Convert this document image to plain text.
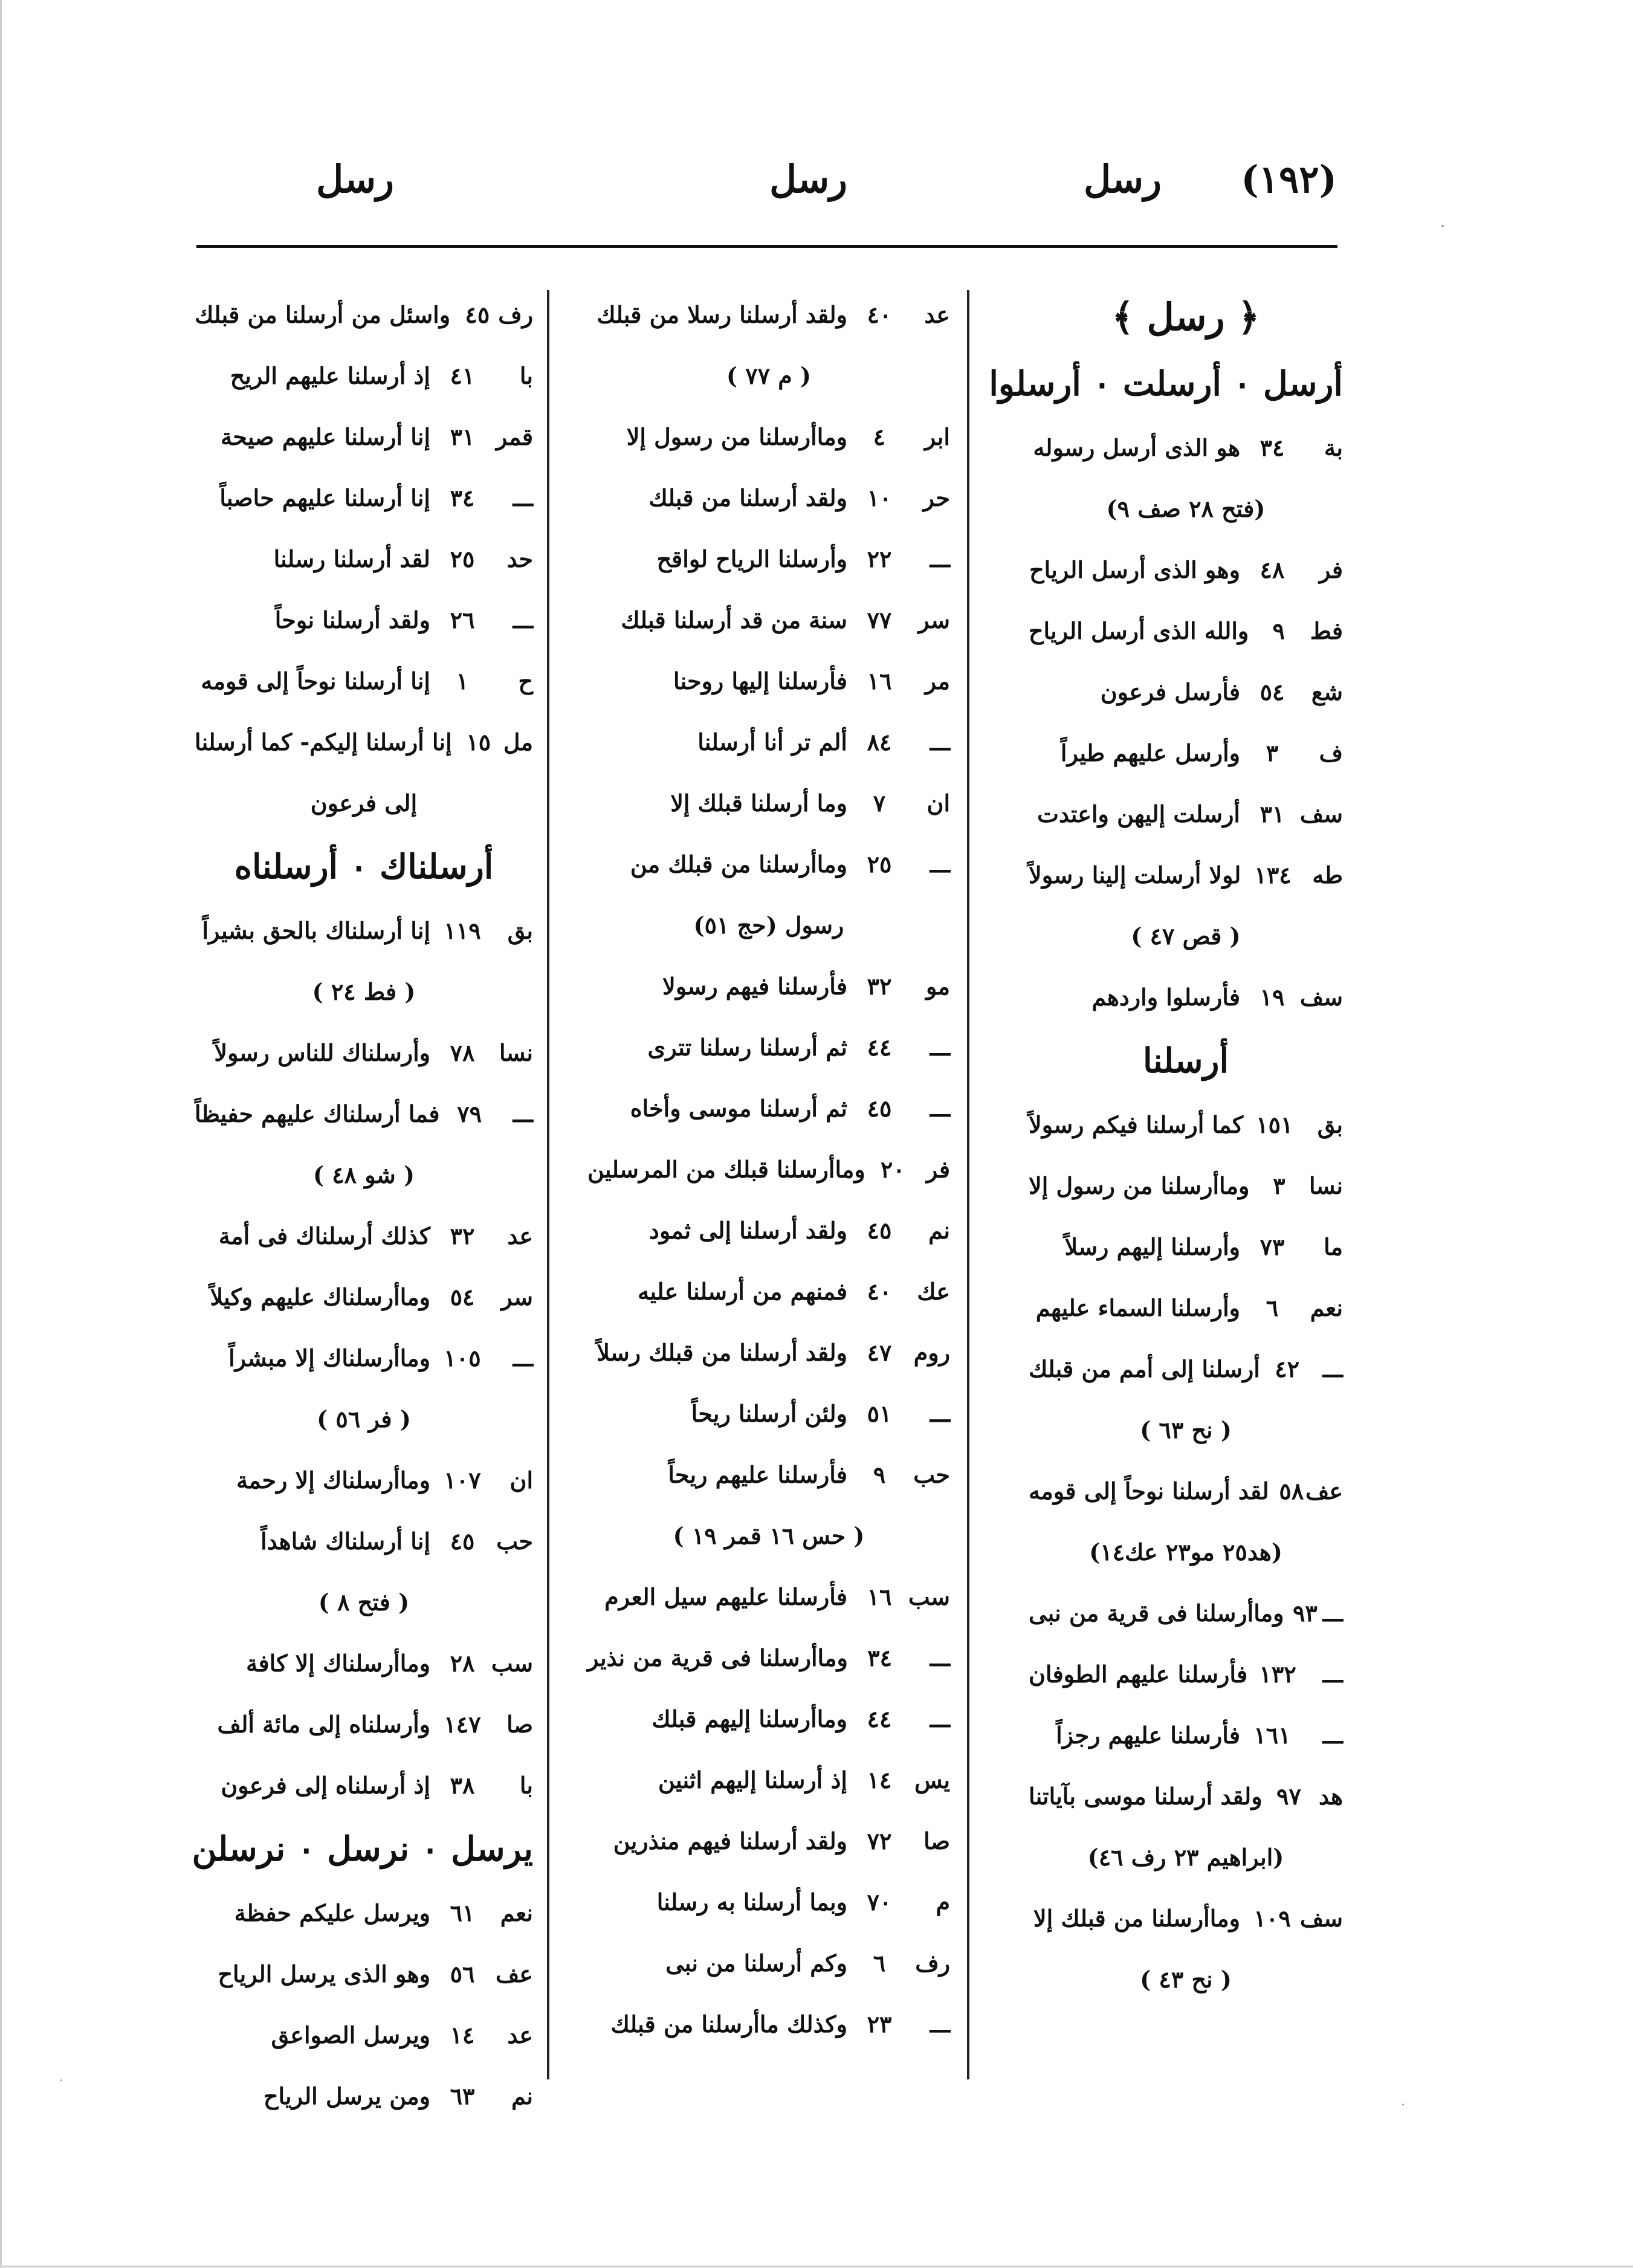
(١٩٢)
رسل
رسل
رسل
﴿ رسل ﴾
أرسل ٠ أرسلت ٠ أرسلوا
بة
٣٤
هو الذى أرسل رسوله
(فتح ٢٨ صف ٩)
فر
٤٨
وهو الذى أرسل الرياح
فط
٩
والله الذى أرسل الرياح
شع
٥٤
فأرسل فرعون
ف
٣
وأرسل عليهم طيراً
سف
٣١
أرسلت إليهن واعتدت
طه
١٣٤
لولا أرسلت إلينا رسولاً
( قص ٤٧ )
سف
١٩
فأرسلوا واردهم
أرسلنا
بق
١٥١
كما أرسلنا فيكم رسولاً
نسا
٣
وماأرسلنا من رسول إلا
ما
٧٣
وأرسلنا إليهم رسلاً
نعم
٦
وأرسلنا السماء عليهم
ـــ
٤٢
أرسلنا إلى أمم من قبلك
( نح ٦٣ )
عف
٥٨
لقد أرسلنا نوحاً إلى قومه
(هد٢٥ مو٢٣ عك١٤)
ـــ
٩٣
وماأرسلنا فى قرية من نبى
ـــ
١٣٢
فأرسلنا عليهم الطوفان
ـــ
١٦١
فأرسلنا عليهم رجزاً
هد
٩٧
ولقد أرسلنا موسى بآياتنا
(ابراهيم ٢٣ رف ٤٦)
سف
١٠٩
وماأرسلنا من قبلك إلا
( نح ٤٣ )
عد
٤٠
ولقد أرسلنا رسلا من قبلك
( م ٧٧ )
ابر
٤
وماأرسلنا من رسول إلا
حر
١٠
ولقد أرسلنا من قبلك
ـــ
٢٢
وأرسلنا الرياح لواقح
سر
٧٧
سنة من قد أرسلنا قبلك
مر
١٦
فأرسلنا إليها روحنا
ـــ
٨٤
ألم تر أنا أرسلنا
ان
٧
وما أرسلنا قبلك إلا
ـــ
٢٥
وماأرسلنا من قبلك من
رسول (حج ٥١)
مو
٣٢
فأرسلنا فيهم رسولا
ـــ
٤٤
ثم أرسلنا رسلنا تترى
ـــ
٤٥
ثم أرسلنا موسى وأخاه
فر
٢٠
وماأرسلنا قبلك من المرسلين
نم
٤٥
ولقد أرسلنا إلى ثمود
عك
٤٠
فمنهم من أرسلنا عليه
روم
٤٧
ولقد أرسلنا من قبلك رسلاً
ـــ
٥١
ولئن أرسلنا ريحاً
حب
٩
فأرسلنا عليهم ريحاً
( حس ١٦ قمر ١٩ )
سب
١٦
فأرسلنا عليهم سيل العرم
ـــ
٣٤
وماأرسلنا فى قرية من نذير
ـــ
٤٤
وماأرسلنا إليهم قبلك
يس
١٤
إذ أرسلنا إليهم اثنين
صا
٧٢
ولقد أرسلنا فيهم منذرين
م
٧٠
وبما أرسلنا به رسلنا
رف
٦
وكم أرسلنا من نبى
ـــ
٢٣
وكذلك ماأرسلنا من قبلك
رف
٤٥
واسئل من أرسلنا من قبلك
با
٤١
إذ أرسلنا عليهم الريح
قمر
٣١
إنا أرسلنا عليهم صيحة
ـــ
٣٤
إنا أرسلنا عليهم حاصباً
حد
٢٥
لقد أرسلنا رسلنا
ـــ
٢٦
ولقد أرسلنا نوحاً
ح
١
إنا أرسلنا نوحاً إلى قومه
مل
١٥
إنا أرسلنا إليكم- كما أرسلنا
إلى فرعون
أرسلناك ٠ أرسلناه
بق
١١٩
إنا أرسلناك بالحق بشيراً
( فط ٢٤ )
نسا
٧٨
وأرسلناك للناس رسولاً
ـــ
٧٩
فما أرسلناك عليهم حفيظاً
( شو ٤٨ )
عد
٣٢
كذلك أرسلناك فى أمة
سر
٥٤
وماأرسلناك عليهم وكيلاً
ـــ
١٠٥
وماأرسلناك إلا مبشراً
( فر ٥٦ )
ان
١٠٧
وماأرسلناك إلا رحمة
حب
٤٥
إنا أرسلناك شاهداً
( فتح ٨ )
سب
٢٨
وماأرسلناك إلا كافة
صا
١٤٧
وأرسلناه إلى مائة ألف
با
٣٨
إذ أرسلناه إلى فرعون
يرسل ٠ نرسل ٠ نرسلن
نعم
٦١
ويرسل عليكم حفظة
عف
٥٦
وهو الذى يرسل الرياح
عد
١٤
ويرسل الصواعق
نم
٦٣
ومن يرسل الرياح
